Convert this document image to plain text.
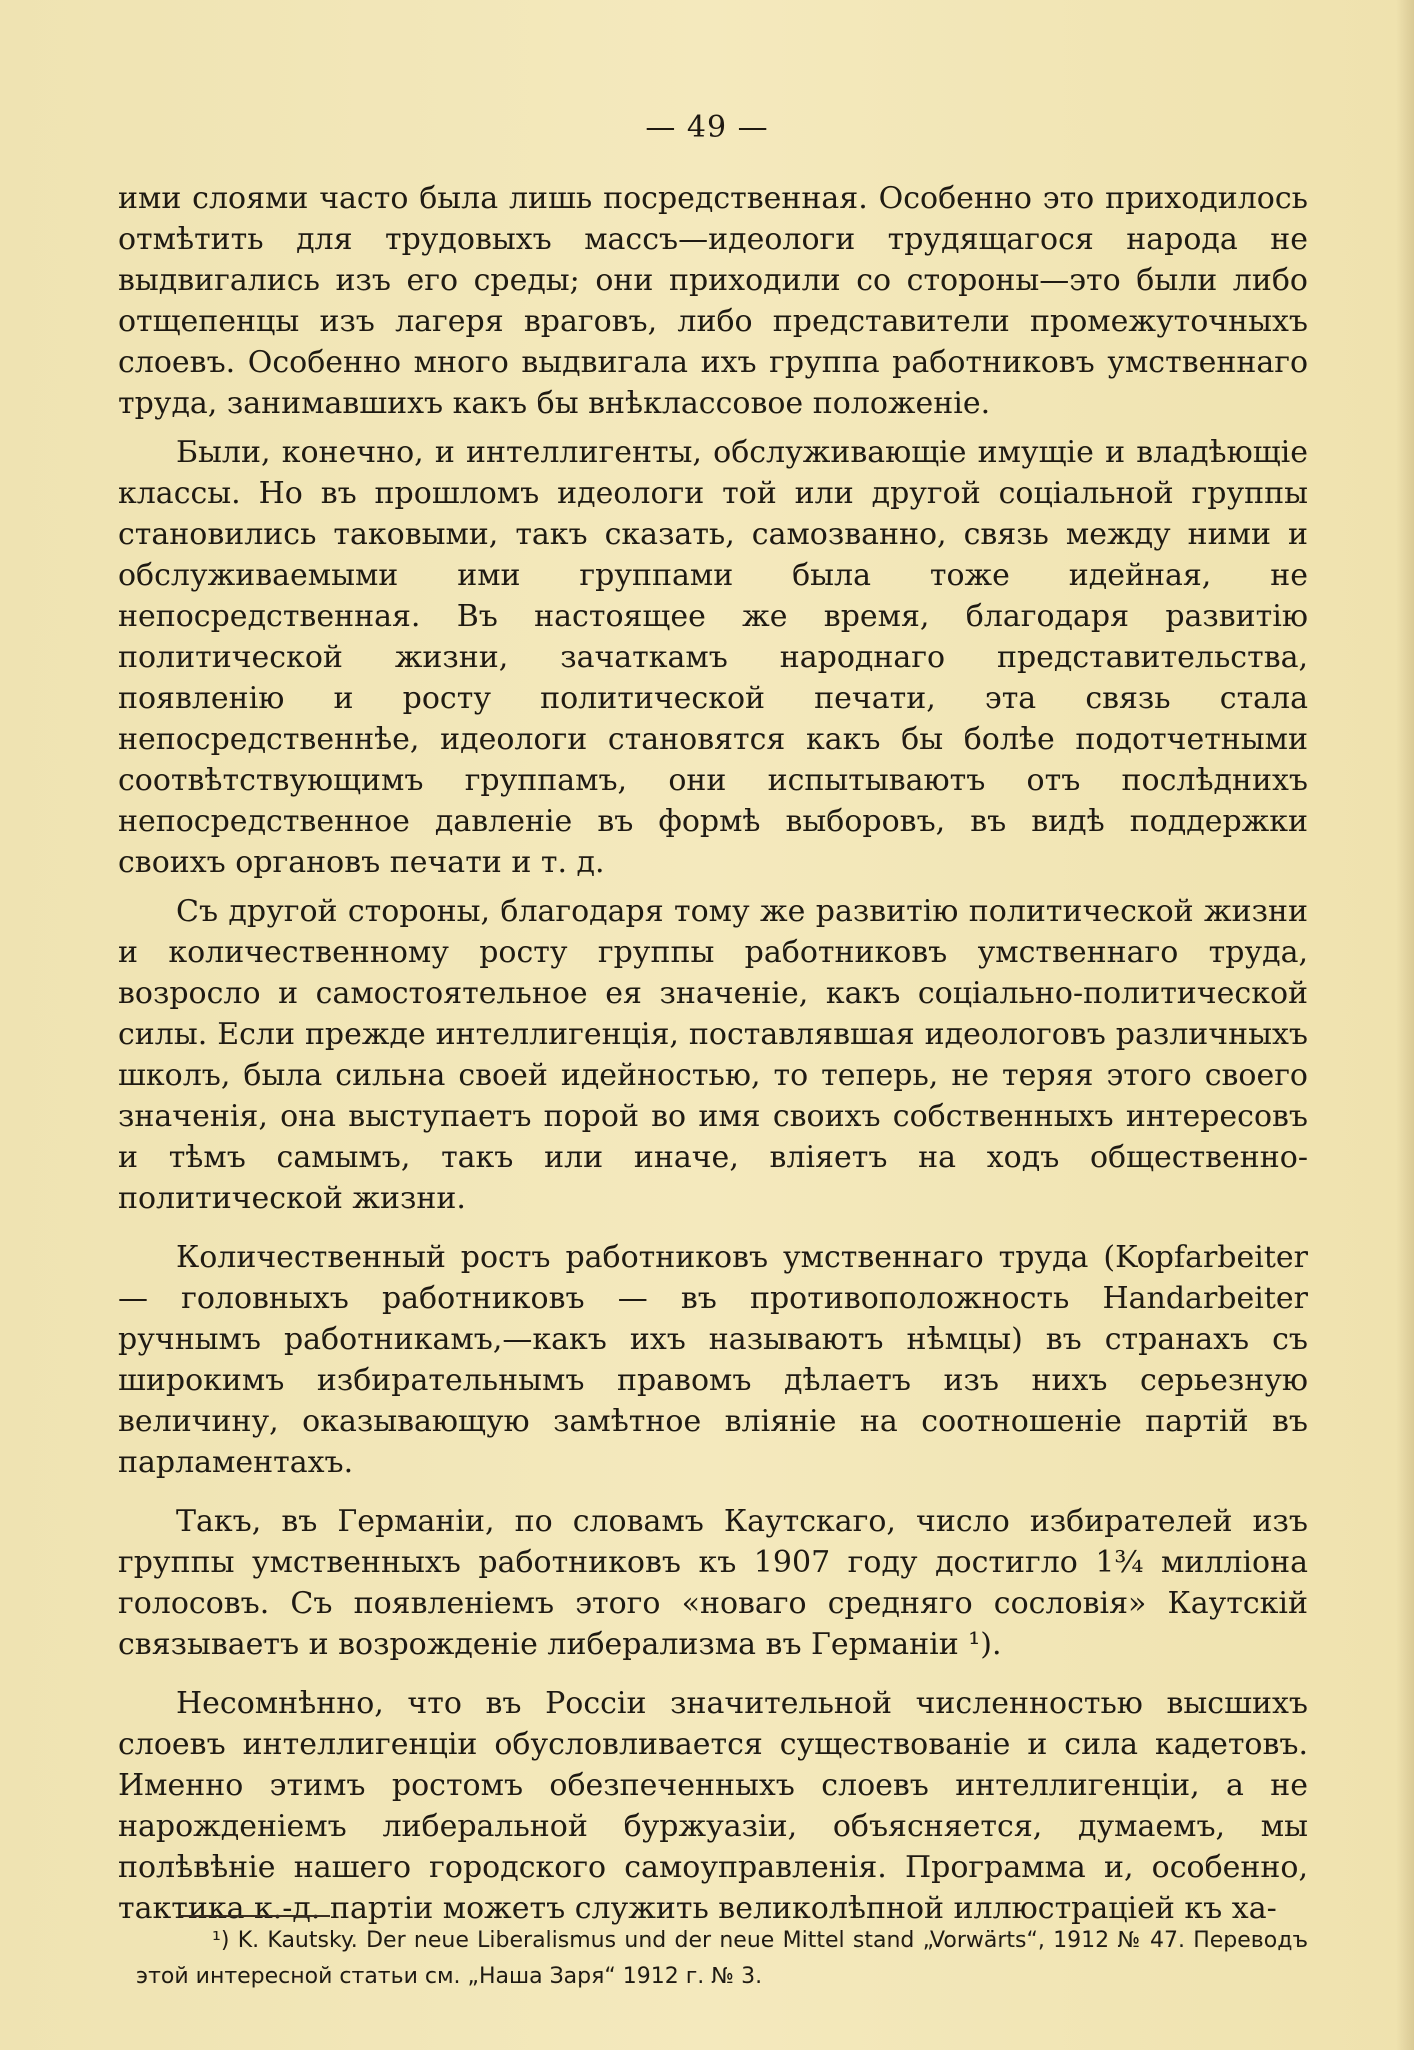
— 49 —

ими слоями часто была лишь посредственная. Особенно это приходилось отмѣтить для трудовыхъ массъ—идеологи трудящагося народа не выдвигались изъ его среды; они приходили со стороны—это были либо отщепенцы изъ лагеря враговъ, либо представители промежуточныхъ слоевъ. Особенно много выдвигала ихъ группа работниковъ умственнаго труда, занимавшихъ какъ бы внѣклассовое положеніе.

Были, конечно, и интеллигенты, обслуживающіе имущіе и владѣющіе классы. Но въ прошломъ идеологи той или другой соціальной группы становились таковыми, такъ сказать, самозванно, связь между ними и обслуживаемыми ими группами была тоже идейная, не непосредственная. Въ настоящее же время, благодаря развитію политической жизни, зачаткамъ народнаго представительства, появленію и росту политической печати, эта связь стала непосредственнѣе, идеологи становятся какъ бы болѣе подотчетными соотвѣтствующимъ группамъ, они испытываютъ отъ послѣднихъ непосредственное давленіе въ формѣ выборовъ, въ видѣ поддержки своихъ органовъ печати и т. д.

Съ другой стороны, благодаря тому же развитію политической жизни и количественному росту группы работниковъ умственнаго труда, возросло и самостоятельное ея значеніе, какъ соціально-политической силы. Если прежде интеллигенція, поставлявшая идеологовъ различныхъ школъ, была сильна своей идейностью, то теперь, не теряя этого своего значенія, она выступаетъ порой во имя своихъ собственныхъ интересовъ и тѣмъ самымъ, такъ или иначе, вліяетъ на ходъ общественно-политической жизни.

Количественный ростъ работниковъ умственнаго труда (Kopfarbeiter — головныхъ работниковъ — въ противоположность Handarbeiter ручнымъ работникамъ,—какъ ихъ называютъ нѣмцы) въ странахъ съ широкимъ избирательнымъ правомъ дѣлаетъ изъ нихъ серьезную величину, оказывающую замѣтное вліяніе на соотношеніе партій въ парламентахъ.

Такъ, въ Германіи, по словамъ Каутскаго, число избирателей изъ группы умственныхъ работниковъ къ 1907 году достигло 1¾ милліона голосовъ. Съ появленіемъ этого «новаго средняго сословія» Каутскій связываетъ и возрожденіе либерализма въ Германіи ¹).

Несомнѣнно, что въ Россіи значительной численностью высшихъ слоевъ интеллигенціи обусловливается существованіе и сила кадетовъ. Именно этимъ ростомъ обезпеченныхъ слоевъ интеллигенціи, а не нарожденіемъ либеральной буржуазіи, объясняется, думаемъ, мы полѣвѣніе нашего городского самоуправленія. Программа и, особенно, тактика к.-д. партіи можетъ служить великолѣпной иллюстраціей къ ха-

¹) K. Kautsky. Der neue Liberalismus und der neue Mittel stand „Vorwärts“, 1912 № 47. Переводъ этой интересной статьи см. „Наша Заря“ 1912 г. № 3.
